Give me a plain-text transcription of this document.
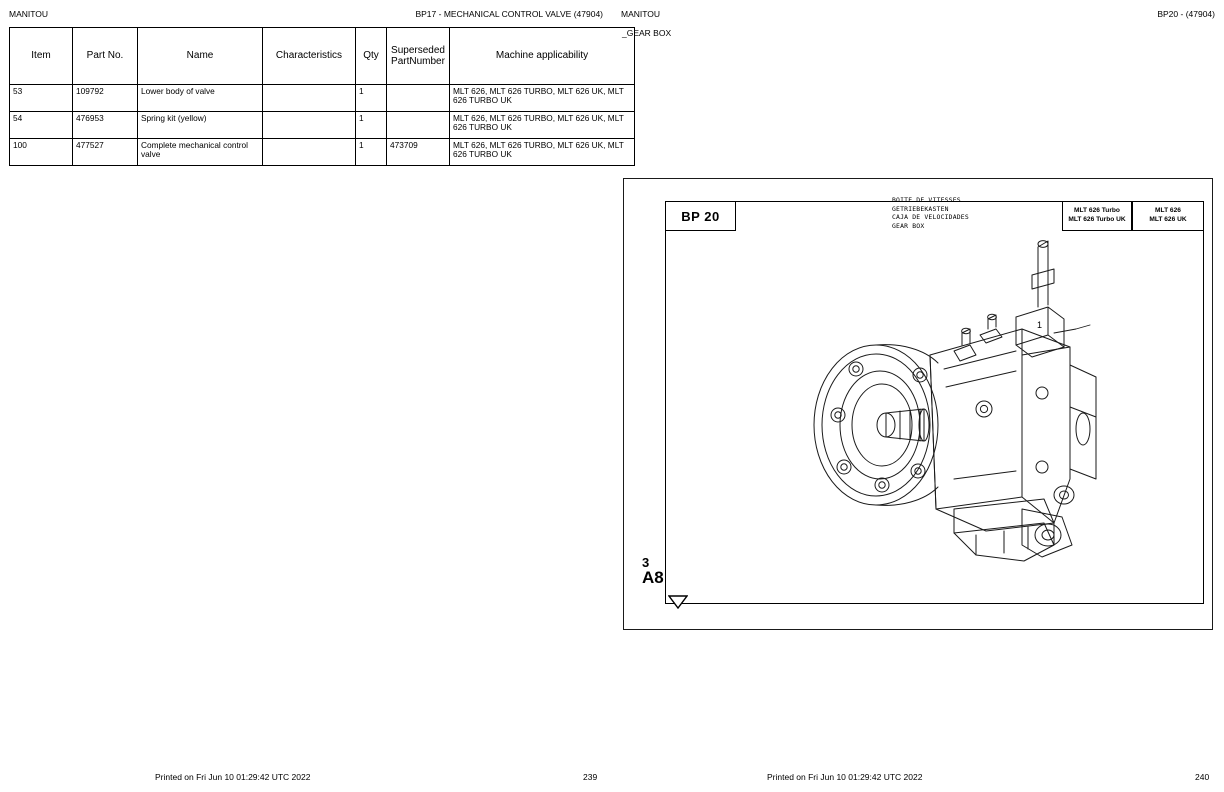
MANITOU	BP17 - MECHANICAL CONTROL VALVE (47904)
Item	Part No.	Name	Characteristics	Qty	Superseded PartNumber	Machine applicability
53	109792	Lower body of valve		1		MLT 626, MLT 626 TURBO, MLT 626 UK, MLT 626 TURBO UK
54	476953	Spring kit (yellow)		1		MLT 626, MLT 626 TURBO, MLT 626 UK, MLT 626 TURBO UK
100	477527	Complete mechanical control valve		1	473709	MLT 626, MLT 626 TURBO, MLT 626 UK, MLT 626 TURBO UK
Printed on Fri Jun 10 01:29:42 UTC 2022	239
MANITOU	BP20 - (47904)
_GEAR BOX
BP 20
BOITE DE VITESSES
GETRIEBEKASTEN
CAJA DE VELOCIDADES
GEAR BOX
MLT 626 Turbo
MLT 626 Turbo UK
MLT 626
MLT 626 UK
1
3
A8
Printed on Fri Jun 10 01:29:42 UTC 2022	240
